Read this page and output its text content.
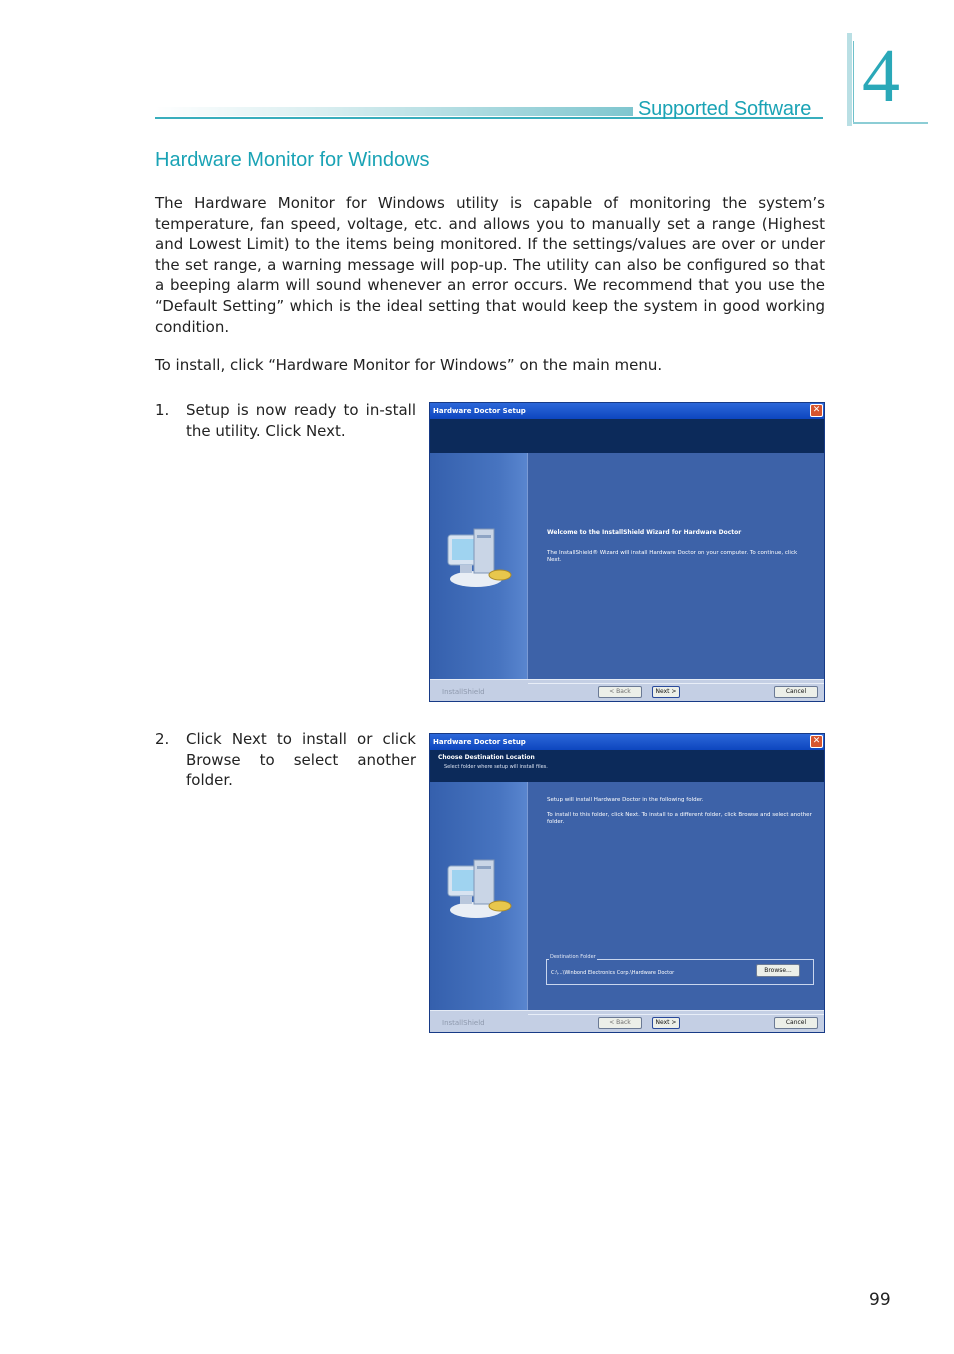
Supported Software 4
Hardware Monitor for Windows
The Hardware Monitor for Windows utility is capable of monitoring the system’s temperature, fan speed, voltage, etc. and allows you to manually set a range (Highest and Lowest Limit) to the items being monitored. If the settings/values are over or under the set range, a warning message will pop-up. The utility can also be configured so that a beeping alarm will sound whenever an error occurs. We recommend that you use the “Default Setting” which is the ideal setting that would keep the system in good working condition.
To install, click “Hardware Monitor for Windows” on the main menu.
1. Setup is now ready to in-stall the utility. Click Next.
2. Click Next to install or click Browse to select another folder.
Hardware Doctor Setup	✕
Welcome to the InstallShield Wizard for Hardware Doctor
The InstallShield® Wizard will install Hardware Doctor on your computer. To continue, click Next.
InstallShield	< Back	Next >	Cancel
Hardware Doctor Setup	✕
Choose Destination Location
Select folder where setup will install files.
Setup will install Hardware Doctor in the following folder.
To install to this folder, click Next. To install to a different folder, click Browse and select another folder.
Destination Folder
C:\...\Winbond Electronics Corp.\Hardware Doctor	Browse...
InstallShield	< Back	Next >	Cancel
99
